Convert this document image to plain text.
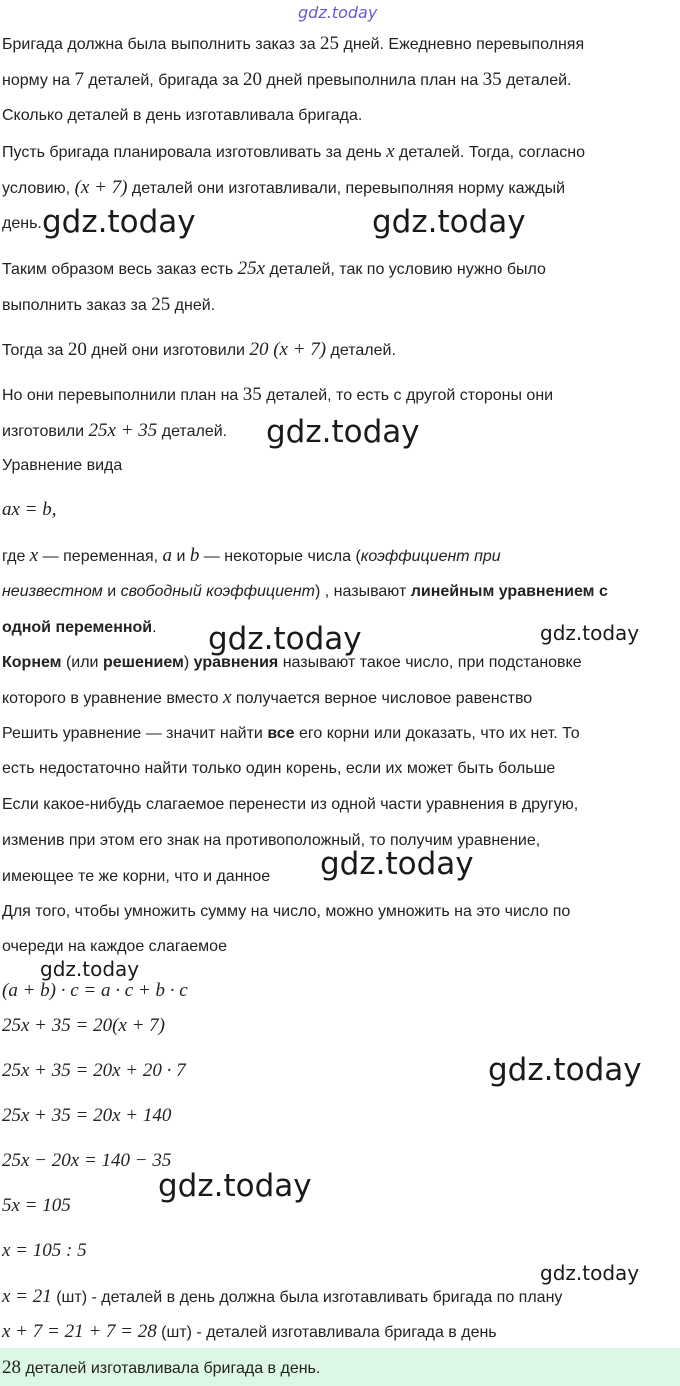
gdz.today
gdz.today	gdz.today
gdz.today
gdz.today	gdz.today
gdz.today
gdz.today
gdz.today
gdz.today
gdz.today
Бригада должна была выполнить заказ за 25 дней. Ежедневно перевыполняя
норму на 7 деталей, бригада за 20 дней превыполнила план на 35 деталей.
Сколько деталей в день изготавливала бригада.
Пусть бригада планировала изготовливать за день x деталей. Тогда, согласно
условию, (x + 7) деталей они изготавливали, перевыполняя норму каждый
день.
Таким образом весь заказ есть 25x деталей, так по условию нужно было
выполнить заказ за 25 дней.
Тогда за 20 дней они изготовили 20 (x + 7) деталей.
Но они перевыполнили план на 35 деталей, то есть с другой стороны они
изготовили 25x + 35 деталей.
Уравнение вида
ax = b,
где x — переменная, a и b — некоторые числа (коэффициент при
неизвестном и свободный коэффициент) , называют линейным уравнением с
одной переменной.
Корнем (или решением) уравнения называют такое число, при подстановке
которого в уравнение вместо x получается верное числовое равенство
Решить уравнение — значит найти все его корни или доказать, что их нет. То
есть недостаточно найти только один корень, если их может быть больше
Если какое-нибудь слагаемое перенести из одной части уравнения в другую,
изменив при этом его знак на противоположный, то получим уравнение,
имеющее те же корни, что и данное
Для того, чтобы умножить сумму на число, можно умножить на это число по
очереди на каждое слагаемое
(a + b) · c = a · c + b · c
25x + 35 = 20(x + 7)
25x + 35 = 20x + 20 · 7
25x + 35 = 20x + 140
25x − 20x = 140 − 35
5x = 105
x = 105 : 5
x = 21 (шт) - деталей в день должна была изготавливать бригада по плану
x + 7 = 21 + 7 = 28 (шт) - деталей изготавливала бригада в день
28 деталей изготавливала бригада в день.
